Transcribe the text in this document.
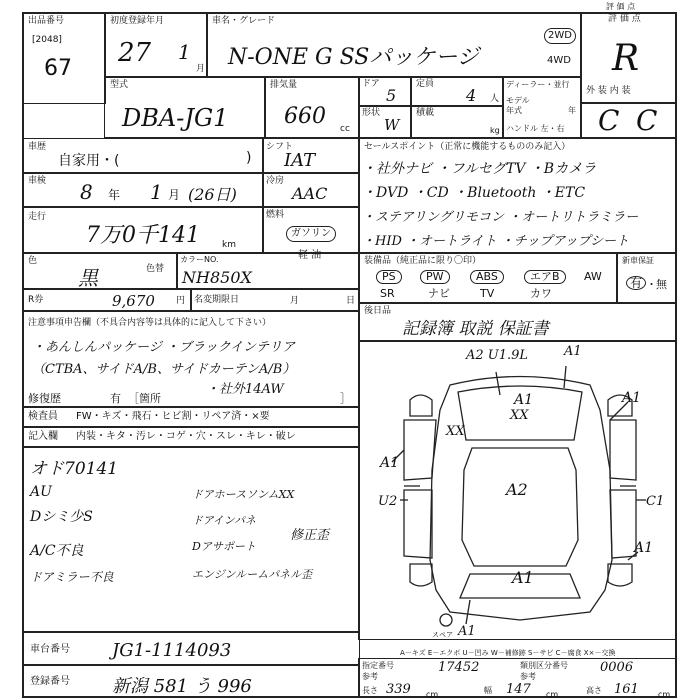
出品番号
[2048]
67
初度登録年月
27 1
月
車名・グレード
N-ONE G SSパッケージ
2WD
4WD
評 価 点
R
型式
DBA-JG1
排気量
660 cc
ドア
5
定員
4 人
形状
W
積載
kg
ディーラー・並行
モデル
年式	年
ハンドル 左・右
外 装 内 装
C C
車歴
自家用・(	)
シフト
IAT
車検 8 年 1 月 (26日)
冷房
AAC
走行
7万0千141 km
燃料
ガソリン
軽 油
色
黒	色替
カラーNO.
NH850X
R券	9,670 円 名変期限日	月	日
セールスポイント（正常に機能するもののみ記入）
・社外ナビ ・フルセグTV ・Bカメラ
・DVD ・CD ・Bluetooth ・ETC
・ステアリングリモコン ・オートリトラミラー
・HID ・オートライト ・チップアップシート
装備品（純正品に限り〇印）	新車保証
有 ・ 無
PS	PW	ABS	エアB	AW
SR	ナビ	TV	カワ
後日品
記録簿 取説 保証書
注意事項申告欄（不具合内容等は具体的に記入して下さい）
・あんしんパッケージ ・ブラックインテリア
（CTBA、サイドA/B、サイドカーテンA/B）
・社外14AW
修復歴	有 ［箇所	］
検査員 FW・キズ・飛石・ヒビ割・リペア済・×要
記入欄 内装・キタ・汚レ・コゲ・穴・スレ・キレ・破レ
オド70141
AU
Dシミ少S
A/C不良
ドアミラー不良
ドアホースソンムXX
ドアインパネ
Dアサポート
エンジンルームパネル歪
修正歪
車台番号 JG1-1114093
登録番号 新潟 581 う 996
A2 U1.9L	A1
A1
XX
XX
A1
A1
A2
U2	C1
A1
A1
A1
スペア
A－キズ E－エクボ U－凹み W－補修跡 S－サビ C－腐食 X×－交換
指定番号
参考
17452	類別区分番号
参考
0006
長さ 339	幅 147	高さ 161
cm	cm	cm
評 価 点
